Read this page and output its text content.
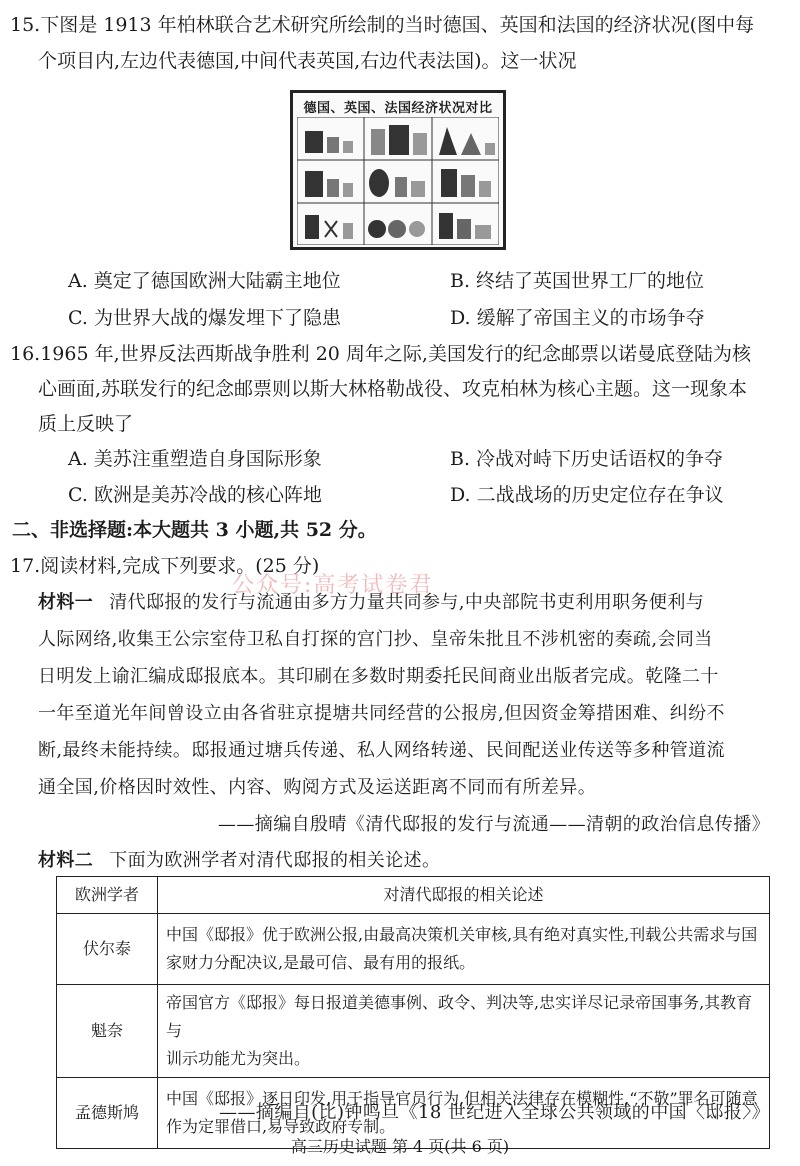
15.下图是 1913 年柏林联合艺术研究所绘制的当时德国、英国和法国的经济状况(图中每
个项目内,左边代表德国,中间代表英国,右边代表法国)。这一状况
德国、英国、法国经济状况对比
A. 奠定了德国欧洲大陆霸主地位	B. 终结了英国世界工厂的地位
C. 为世界大战的爆发埋下了隐患	D. 缓解了帝国主义的市场争夺
16.1965 年,世界反法西斯战争胜利 20 周年之际,美国发行的纪念邮票以诺曼底登陆为核
心画面,苏联发行的纪念邮票则以斯大林格勒战役、攻克柏林为核心主题。这一现象本
质上反映了
A. 美苏注重塑造自身国际形象	B. 冷战对峙下历史话语权的争夺
C. 欧洲是美苏冷战的核心阵地	D. 二战战场的历史定位存在争议
二、非选择题:本大题共 3 小题,共 52 分。
17.阅读材料,完成下列要求。(25 分)
公众号:高考试卷君
材料一 清代邸报的发行与流通由多方力量共同参与,中央部院书吏利用职务便利与
人际网络,收集王公宗室侍卫私自打探的宫门抄、皇帝朱批且不涉机密的奏疏,会同当
日明发上谕汇编成邸报底本。其印刷在多数时期委托民间商业出版者完成。乾隆二十
一年至道光年间曾设立由各省驻京提塘共同经营的公报房,但因资金筹措困难、纠纷不
断,最终未能持续。邸报通过塘兵传递、私人网络转递、民间配送业传送等多种管道流
通全国,价格因时效性、内容、购阅方式及运送距离不同而有所差异。
——摘编自殷晴《清代邸报的发行与流通——清朝的政治信息传播》
材料二 下面为欧洲学者对清代邸报的相关论述。
欧洲学者	对清代邸报的相关论述
伏尔泰	中国《邸报》优于欧洲公报,由最高决策机关审核,具有绝对真实性,刊载公共需求与国
家财力分配决议,是最可信、最有用的报纸。

魁奈	帝国官方《邸报》每日报道美德事例、政令、判决等,忠实详尽记录帝国事务,其教育与
训示功能尤为突出。

孟德斯鸠	中国《邸报》逐日印发,用于指导官员行为,但相关法律存在模糊性,“不敬”罪名可随意
作为定罪借口,易导致政府专制。
——摘编自(比)钟鸣旦《18 世纪进入全球公共领域的中国〈邸报〉》
高三历史试题 第 4 页(共 6 页)
